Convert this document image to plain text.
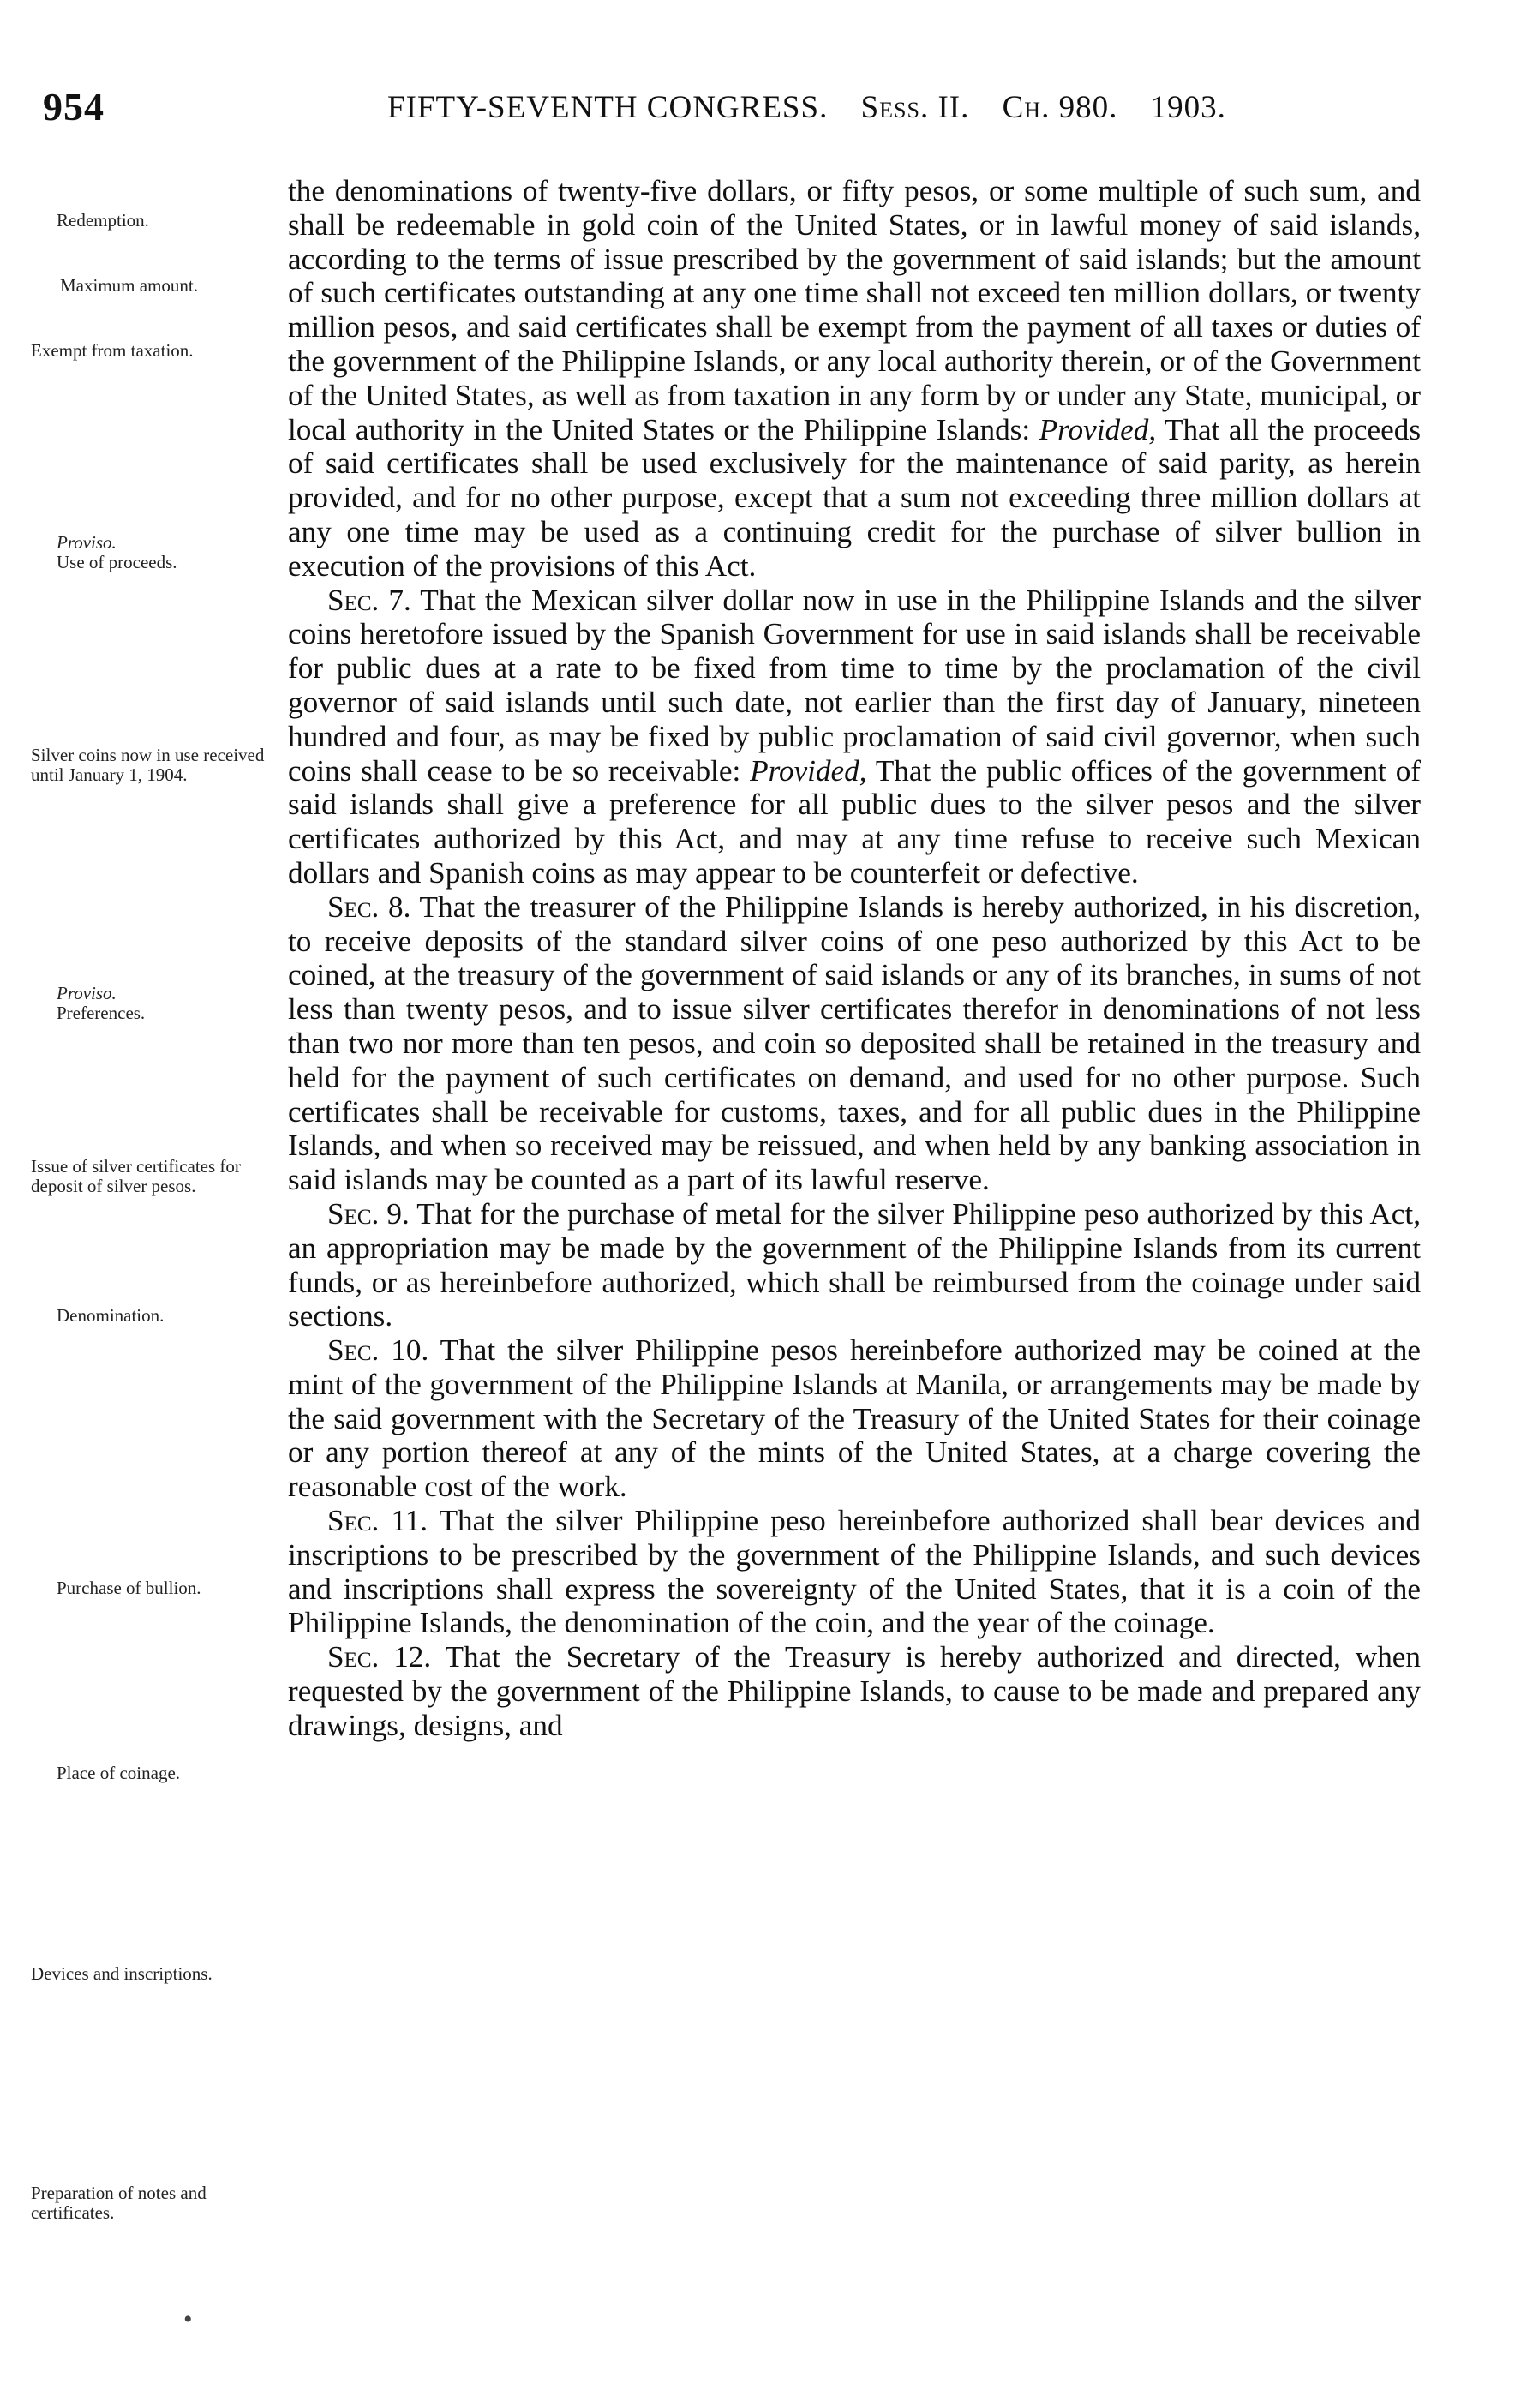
954	FIFTY-SEVENTH CONGRESS. Sess. II. Ch. 980. 1903.
Redemption.
Maximum amount.
Exempt from taxation.
Proviso.
Use of proceeds.
Silver coins now in use received until January 1, 1904.
Proviso.
Preferences.
Issue of silver certificates for deposit of silver pesos.
Denomination.
Purchase of bullion.
Place of coinage.
Devices and inscriptions.
Preparation of notes and certificates.

the denominations of twenty-five dollars, or fifty pesos, or some multiple of such sum, and shall be redeemable in gold coin of the United States, or in lawful money of said islands, according to the terms of issue prescribed by the government of said islands; but the amount of such certificates outstanding at any one time shall not exceed ten million dollars, or twenty million pesos, and said certificates shall be exempt from the payment of all taxes or duties of the government of the Philippine Islands, or any local authority therein, or of the Government of the United States, as well as from taxation in any form by or under any State, municipal, or local authority in the United States or the Philippine Islands: Provided, That all the proceeds of said certificates shall be used exclusively for the maintenance of said parity, as herein provided, and for no other purpose, except that a sum not exceeding three million dollars at any one time may be used as a continuing credit for the purchase of silver bullion in execution of the provisions of this Act.

Sec. 7. That the Mexican silver dollar now in use in the Philippine Islands and the silver coins heretofore issued by the Spanish Government for use in said islands shall be receivable for public dues at a rate to be fixed from time to time by the proclamation of the civil governor of said islands until such date, not earlier than the first day of January, nineteen hundred and four, as may be fixed by public proclamation of said civil governor, when such coins shall cease to be so receivable: Provided, That the public offices of the government of said islands shall give a preference for all public dues to the silver pesos and the silver certificates authorized by this Act, and may at any time refuse to receive such Mexican dollars and Spanish coins as may appear to be counterfeit or defective.

Sec. 8. That the treasurer of the Philippine Islands is hereby authorized, in his discretion, to receive deposits of the standard silver coins of one peso authorized by this Act to be coined, at the treasury of the government of said islands or any of its branches, in sums of not less than twenty pesos, and to issue silver certificates therefor in denominations of not less than two nor more than ten pesos, and coin so deposited shall be retained in the treasury and held for the payment of such certificates on demand, and used for no other purpose. Such certificates shall be receivable for customs, taxes, and for all public dues in the Philippine Islands, and when so received may be reissued, and when held by any banking association in said islands may be counted as a part of its lawful reserve.

Sec. 9. That for the purchase of metal for the silver Philippine peso authorized by this Act, an appropriation may be made by the government of the Philippine Islands from its current funds, or as hereinbefore authorized, which shall be reimbursed from the coinage under said sections.

Sec. 10. That the silver Philippine pesos hereinbefore authorized may be coined at the mint of the government of the Philippine Islands at Manila, or arrangements may be made by the said government with the Secretary of the Treasury of the United States for their coinage or any portion thereof at any of the mints of the United States, at a charge covering the reasonable cost of the work.

Sec. 11. That the silver Philippine peso hereinbefore authorized shall bear devices and inscriptions to be prescribed by the government of the Philippine Islands, and such devices and inscriptions shall express the sovereignty of the United States, that it is a coin of the Philippine Islands, the denomination of the coin, and the year of the coinage.

Sec. 12. That the Secretary of the Treasury is hereby authorized and directed, when requested by the government of the Philippine Islands, to cause to be made and prepared any drawings, designs, and

•
